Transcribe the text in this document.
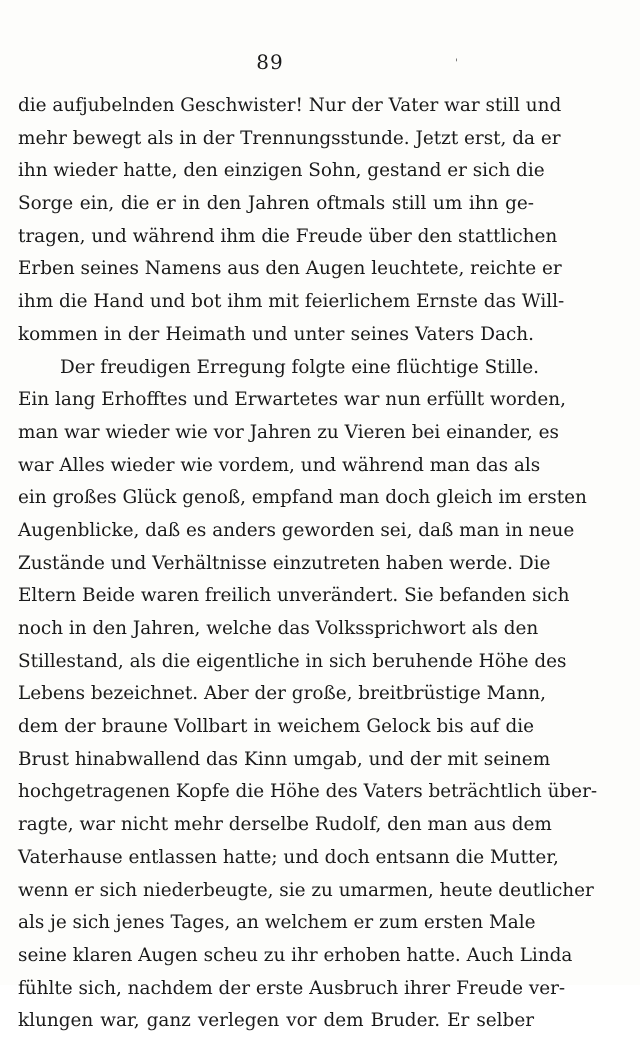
89	'
die aufjubelnden Geschwister! Nur der Vater war still und
mehr bewegt als in der Trennungsstunde. Jetzt erst, da er
ihn wieder hatte, den einzigen Sohn, gestand er sich die
Sorge ein, die er in den Jahren oftmals still um ihn ge-
tragen, und während ihm die Freude über den stattlichen
Erben seines Namens aus den Augen leuchtete, reichte er
ihm die Hand und bot ihm mit feierlichem Ernste das Will-
kommen in der Heimath und unter seines Vaters Dach.
Der freudigen Erregung folgte eine flüchtige Stille.
Ein lang Erhofftes und Erwartetes war nun erfüllt worden,
man war wieder wie vor Jahren zu Vieren bei einander, es
war Alles wieder wie vordem, und während man das als
ein großes Glück genoß, empfand man doch gleich im ersten
Augenblicke, daß es anders geworden sei, daß man in neue
Zustände und Verhältnisse einzutreten haben werde. Die
Eltern Beide waren freilich unverändert. Sie befanden sich
noch in den Jahren, welche das Volkssprichwort als den
Stillestand, als die eigentliche in sich beruhende Höhe des
Lebens bezeichnet. Aber der große, breitbrüstige Mann,
dem der braune Vollbart in weichem Gelock bis auf die
Brust hinabwallend das Kinn umgab, und der mit seinem
hochgetragenen Kopfe die Höhe des Vaters beträchtlich über-
ragte, war nicht mehr derselbe Rudolf, den man aus dem
Vaterhause entlassen hatte; und doch entsann die Mutter,
wenn er sich niederbeugte, sie zu umarmen, heute deutlicher
als je sich jenes Tages, an welchem er zum ersten Male
seine klaren Augen scheu zu ihr erhoben hatte. Auch Linda
fühlte sich, nachdem der erste Ausbruch ihrer Freude ver-
klungen war, ganz verlegen vor dem Bruder. Er selber
